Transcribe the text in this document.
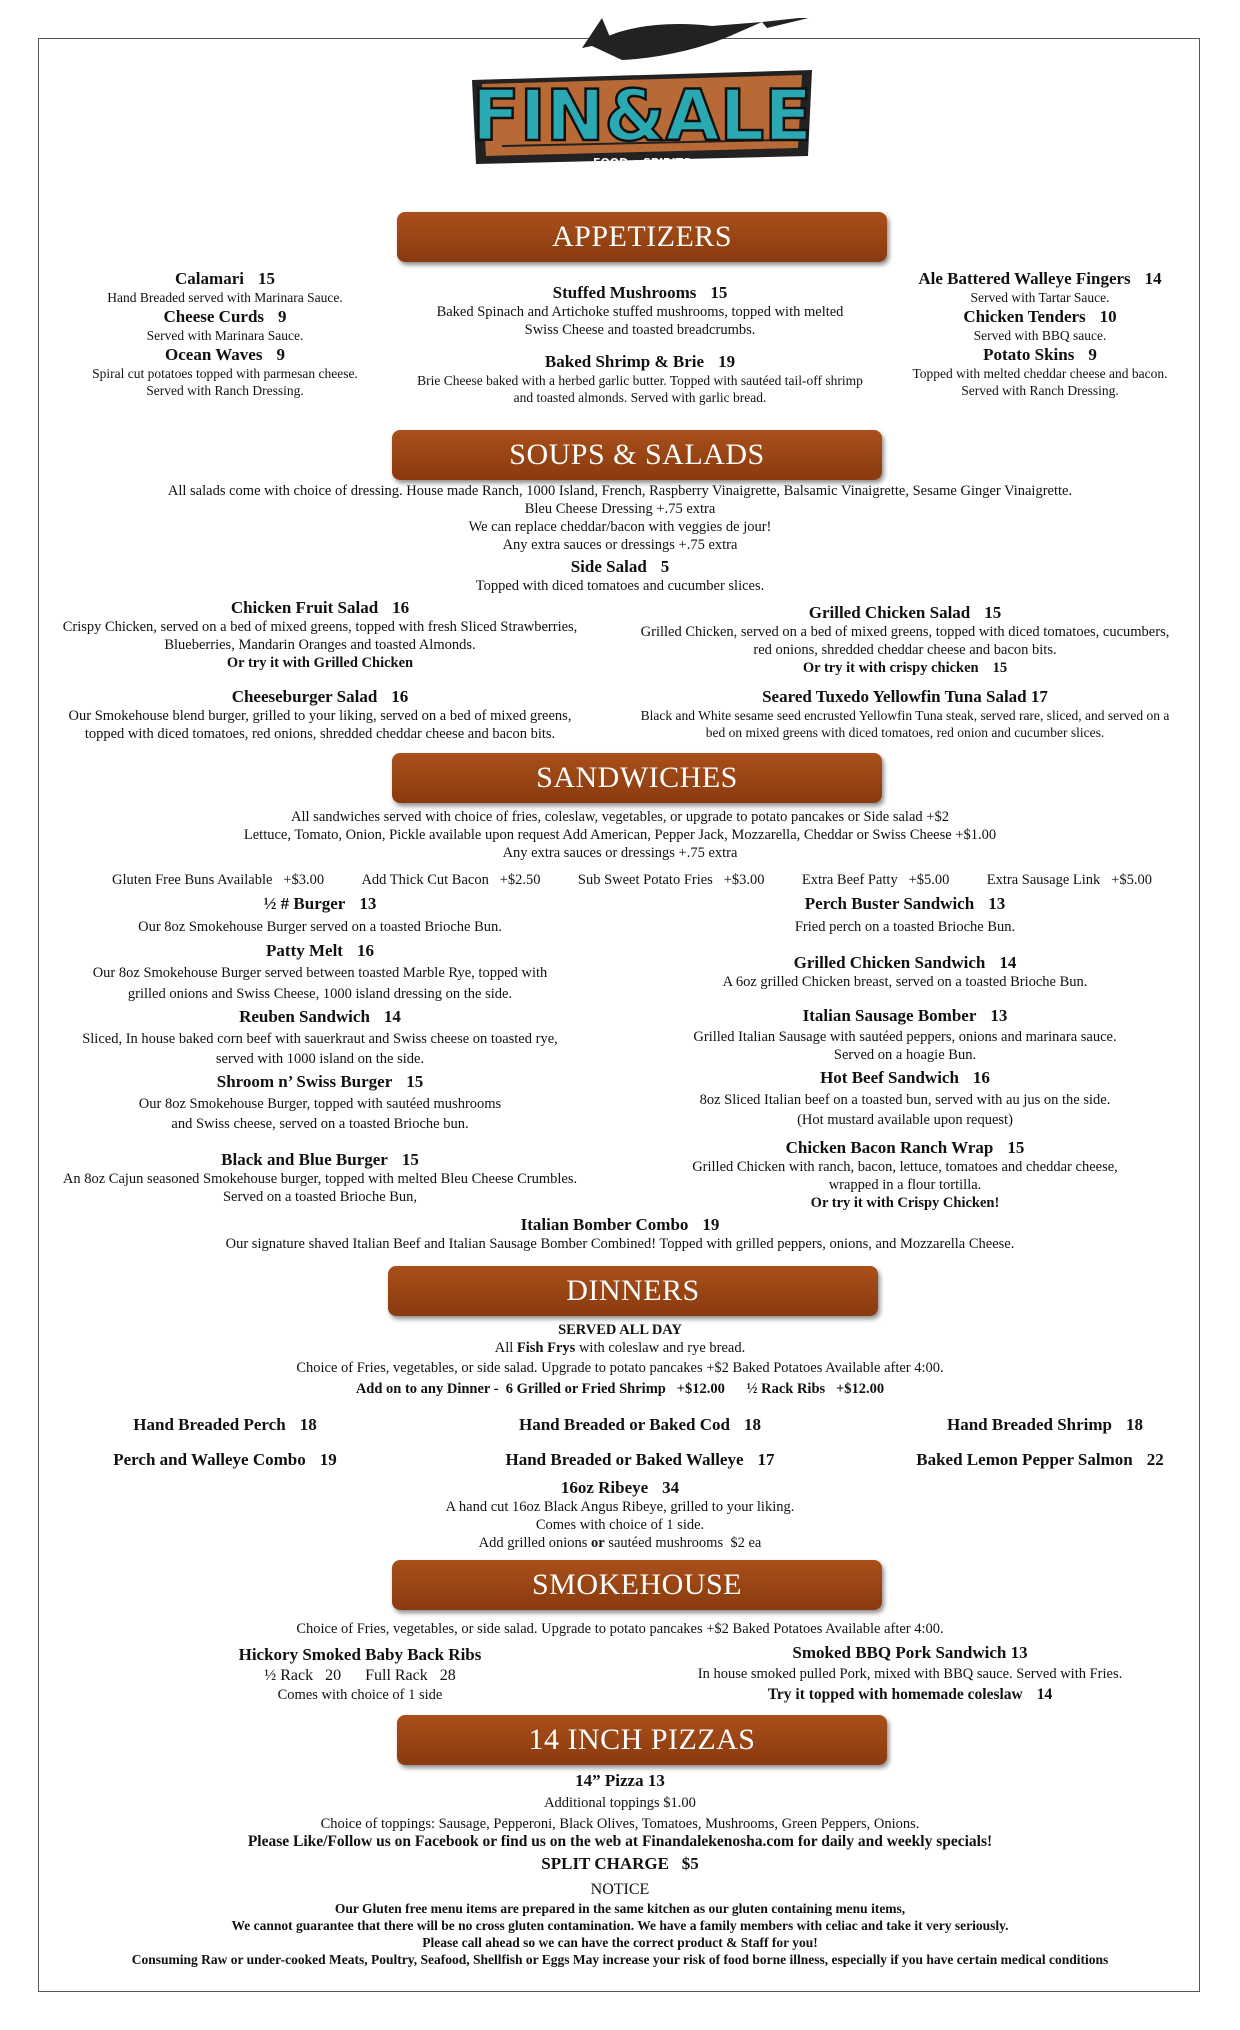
FIN&ALE
FOOD • SPIRITS
APPETIZERS
Calamari 15
Hand Breaded served with Marinara Sauce.
Cheese Curds 9
Served with Marinara Sauce.
Ocean Waves 9
Spiral cut potatoes topped with parmesan cheese.
Served with Ranch Dressing.
Stuffed Mushrooms 15
Baked Spinach and Artichoke stuffed mushrooms, topped with melted
Swiss Cheese and toasted breadcrumbs.
Baked Shrimp & Brie 19
Brie Cheese baked with a herbed garlic butter. Topped with sautéed tail-off shrimp
and toasted almonds. Served with garlic bread.
Ale Battered Walleye Fingers 14
Served with Tartar Sauce.
Chicken Tenders 10
Served with BBQ sauce.
Potato Skins 9
Topped with melted cheddar cheese and bacon.
Served with Ranch Dressing.
SOUPS & SALADS
All salads come with choice of dressing. House made Ranch, 1000 Island, French, Raspberry Vinaigrette, Balsamic Vinaigrette, Sesame Ginger Vinaigrette.
Bleu Cheese Dressing +.75 extra
We can replace cheddar/bacon with veggies de jour!
Any extra sauces or dressings +.75 extra
Side Salad 5
Topped with diced tomatoes and cucumber slices.
Chicken Fruit Salad 16
Crispy Chicken, served on a bed of mixed greens, topped with fresh Sliced Strawberries,
Blueberries, Mandarin Oranges and toasted Almonds.
Or try it with Grilled Chicken
Grilled Chicken Salad 15
Grilled Chicken, served on a bed of mixed greens, topped with diced tomatoes, cucumbers,
red onions, shredded cheddar cheese and bacon bits.
Or try it with crispy chicken 15
Cheeseburger Salad 16
Our Smokehouse blend burger, grilled to your liking, served on a bed of mixed greens,
topped with diced tomatoes, red onions, shredded cheddar cheese and bacon bits.
Seared Tuxedo Yellowfin Tuna Salad 17
Black and White sesame seed encrusted Yellowfin Tuna steak, served rare, sliced, and served on a
bed on mixed greens with diced tomatoes, red onion and cucumber slices.
SANDWICHES
All sandwiches served with choice of fries, coleslaw, vegetables, or upgrade to potato pancakes or Side salad +$2
Lettuce, Tomato, Onion, Pickle available upon request Add American, Pepper Jack, Mozzarella, Cheddar or Swiss Cheese +$1.00
Any extra sauces or dressings +.75 extra
Gluten Free Buns Available   +$3.00	Add Thick Cut Bacon   +$2.50	Sub Sweet Potato Fries   +$3.00	Extra Beef Patty   +$5.00	Extra Sausage Link   +$5.00
½ # Burger 13
Our 8oz Smokehouse Burger served on a toasted Brioche Bun.
Patty Melt 16
Our 8oz Smokehouse Burger served between toasted Marble Rye, topped with
grilled onions and Swiss Cheese, 1000 island dressing on the side.
Reuben Sandwich 14
Sliced, In house baked corn beef with sauerkraut and Swiss cheese on toasted rye,
served with 1000 island on the side.
Shroom n’ Swiss Burger 15
Our 8oz Smokehouse Burger, topped with sautéed mushrooms
and Swiss cheese, served on a toasted Brioche bun.
Black and Blue Burger 15
An 8oz Cajun seasoned Smokehouse burger, topped with melted Bleu Cheese Crumbles.
Served on a toasted Brioche Bun,
Perch Buster Sandwich 13
Fried perch on a toasted Brioche Bun.
Grilled Chicken Sandwich 14
A 6oz grilled Chicken breast, served on a toasted Brioche Bun.
Italian Sausage Bomber 13
Grilled Italian Sausage with sautéed peppers, onions and marinara sauce.
Served on a hoagie Bun.
Hot Beef Sandwich 16
8oz Sliced Italian beef on a toasted bun, served with au jus on the side.
(Hot mustard available upon request)
Chicken Bacon Ranch Wrap 15
Grilled Chicken with ranch, bacon, lettuce, tomatoes and cheddar cheese,
wrapped in a flour tortilla.
Or try it with Crispy Chicken!
Italian Bomber Combo 19
Our signature shaved Italian Beef and Italian Sausage Bomber Combined! Topped with grilled peppers, onions, and Mozzarella Cheese.
DINNERS
SERVED ALL DAY
All Fish Frys with coleslaw and rye bread.
Choice of Fries, vegetables, or side salad. Upgrade to potato pancakes +$2 Baked Potatoes Available after 4:00.
Add on to any Dinner -  6 Grilled or Fried Shrimp   +$12.00      ½ Rack Ribs   +$12.00
Hand Breaded Perch 18	Hand Breaded or Baked Cod 18	Hand Breaded Shrimp 18
Perch and Walleye Combo 19	Hand Breaded or Baked Walleye 17	Baked Lemon Pepper Salmon 22
16oz Ribeye 34
A hand cut 16oz Black Angus Ribeye, grilled to your liking.
Comes with choice of 1 side.
Add grilled onions or sautéed mushrooms  $2 ea
SMOKEHOUSE
Choice of Fries, vegetables, or side salad. Upgrade to potato pancakes +$2 Baked Potatoes Available after 4:00.
Hickory Smoked Baby Back Ribs
½ Rack   20 Full Rack   28
Comes with choice of 1 side
Smoked BBQ Pork Sandwich 13
In house smoked pulled Pork, mixed with BBQ sauce. Served with Fries.
Try it topped with homemade coleslaw 14
14 INCH PIZZAS
14” Pizza 13
Additional toppings $1.00
Choice of toppings: Sausage, Pepperoni, Black Olives, Tomatoes, Mushrooms, Green Peppers, Onions.
Please Like/Follow us on Facebook or find us on the web at Finandalekenosha.com for daily and weekly specials!
SPLIT CHARGE   $5
NOTICE
Our Gluten free menu items are prepared in the same kitchen as our gluten containing menu items,
We cannot guarantee that there will be no cross gluten contamination. We have a family members with celiac and take it very seriously.
Please call ahead so we can have the correct product & Staff for you!
Consuming Raw or under-cooked Meats, Poultry, Seafood, Shellfish or Eggs May increase your risk of food borne illness, especially if you have certain medical conditions
